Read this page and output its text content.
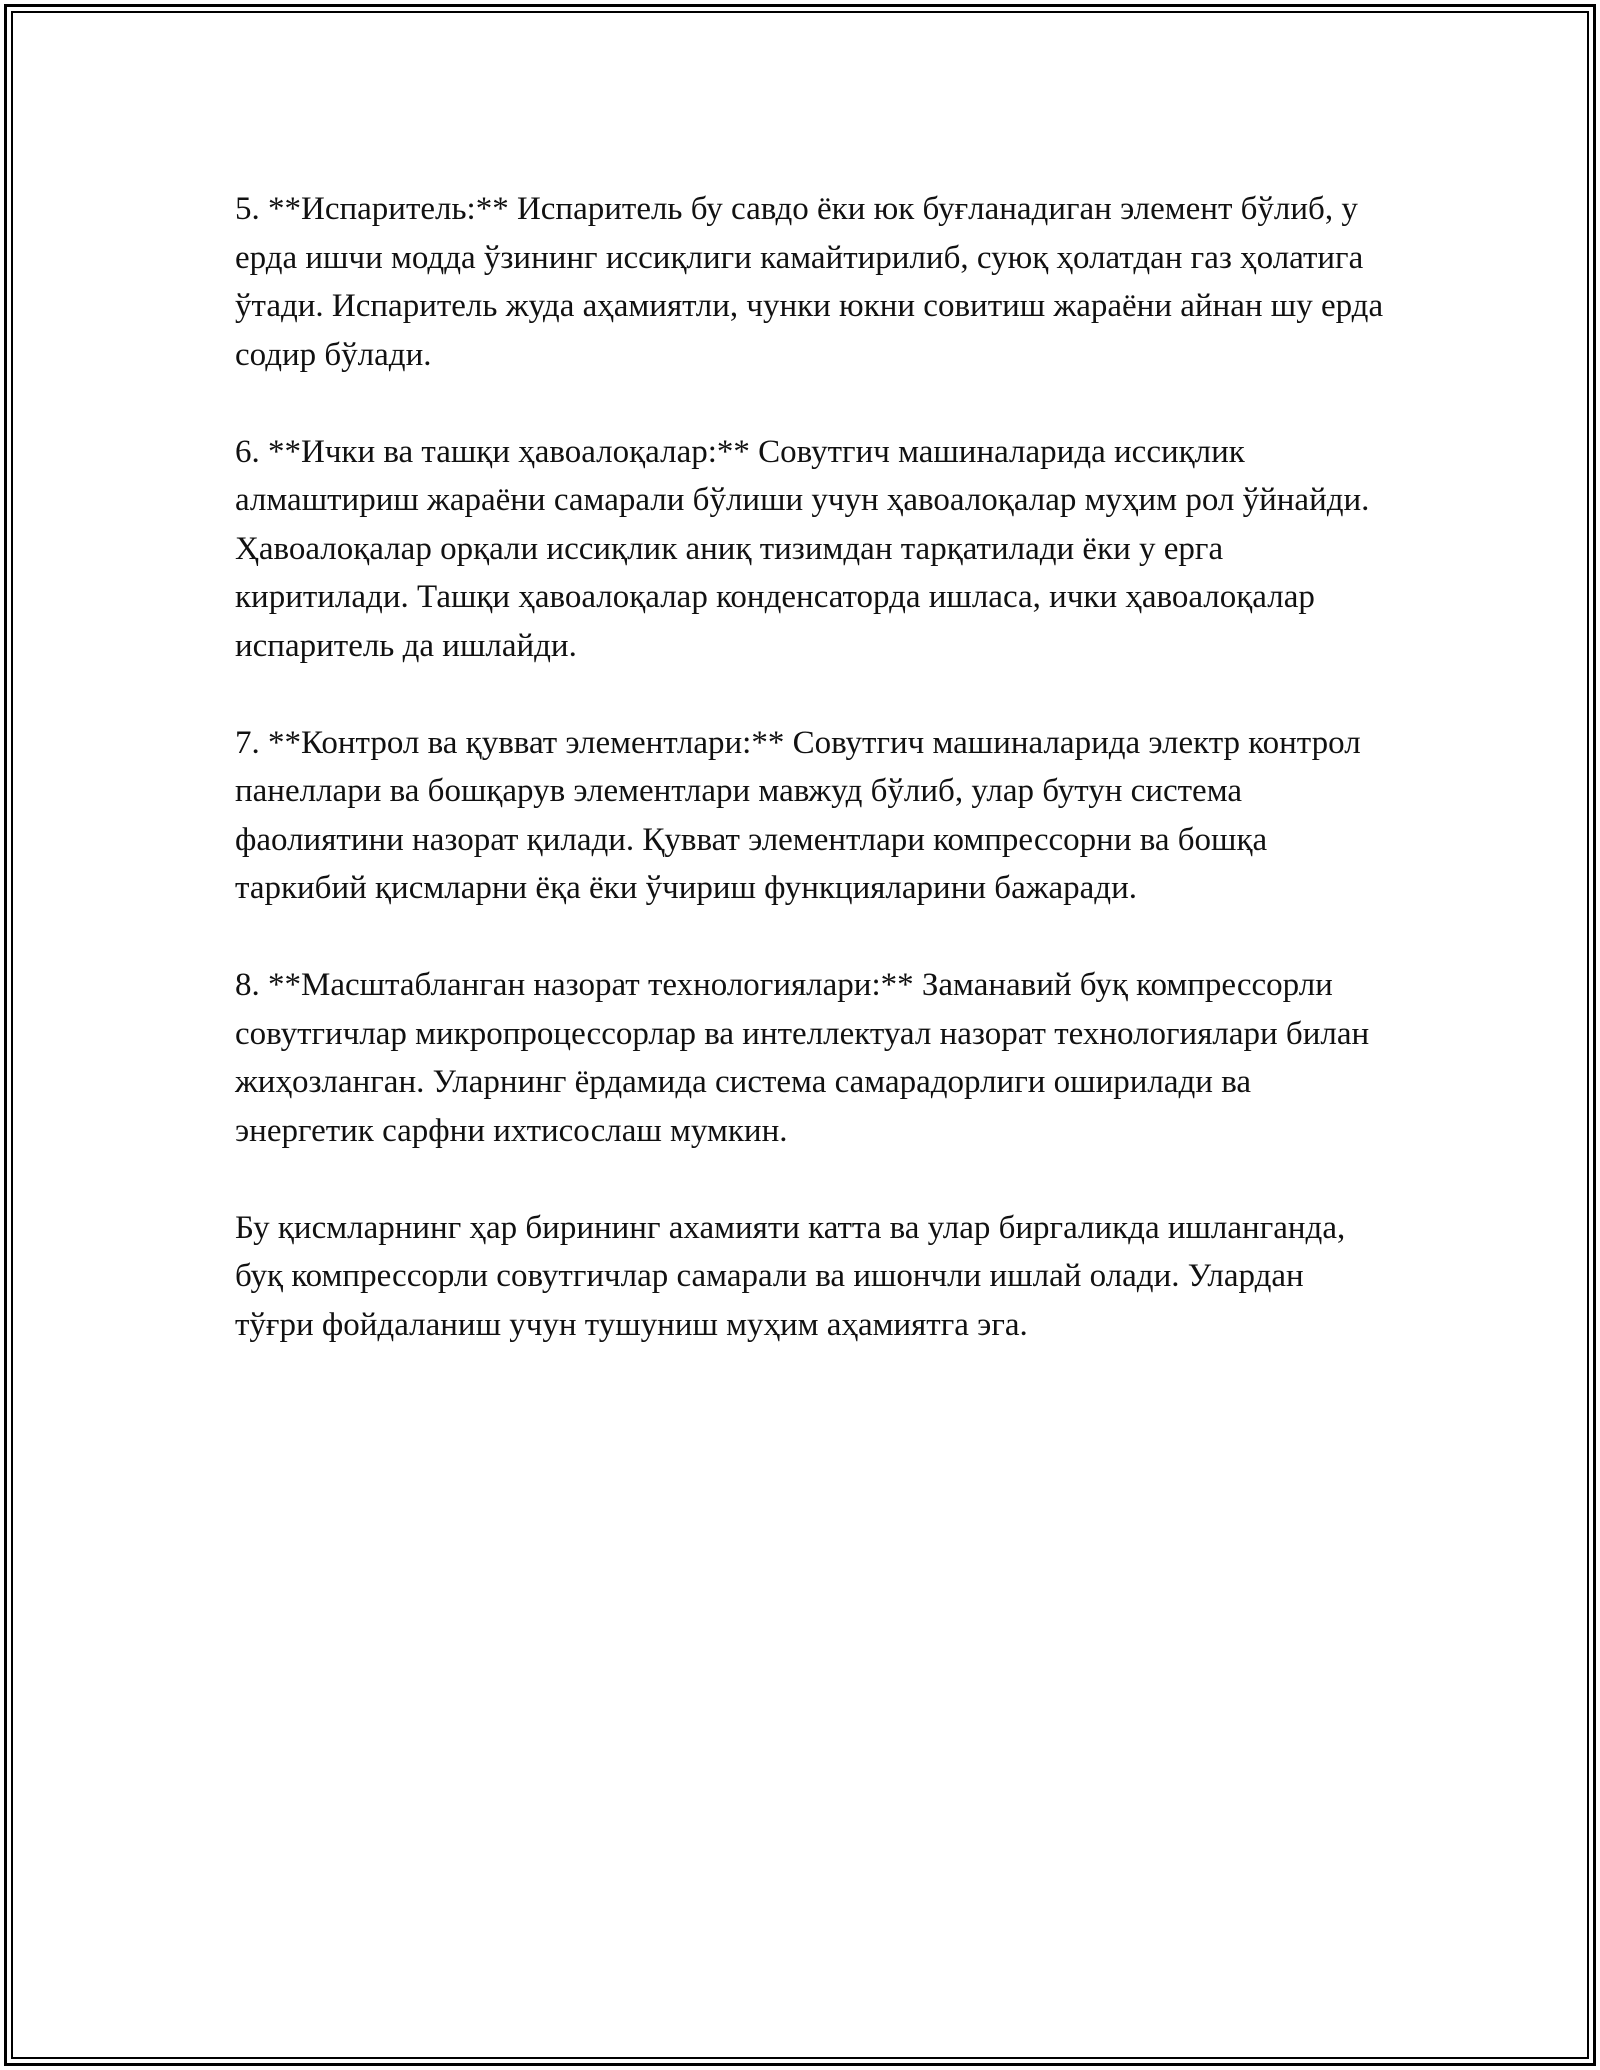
5. **Испаритель:** Испаритель бу савдо ёки юк буғланадиган элемент бўлиб, у ерда ишчи модда ўзининг иссиқлиги камайтирилиб, суюқ ҳолатдан газ ҳолатига ўтади. Испаритель жуда аҳамиятли, чунки юкни совитиш жараёни айнан шу ерда содир бўлади.

6. **Ички ва ташқи ҳавоалоқалар:** Совутгич машиналарида иссиқлик алмаштириш жараёни самарали бўлиши учун ҳавоалоқалар муҳим рол ўйнайди. Ҳавоалоқалар орқали иссиқлик аниқ тизимдан тарқатилади ёки у ерга киритилади. Ташқи ҳавоалоқалар конденсаторда ишласа, ички ҳавоалоқалар испаритель да ишлайди.

7. **Контрол ва қувват элементлари:** Совутгич машиналарида электр контрол панеллари ва бошқарув элементлари мавжуд бўлиб, улар бутун система фаолиятини назорат қилади. Қувват элементлари компрессорни ва бошқа таркибий қисмларни ёқа ёки ўчириш функцияларини бажаради.

8. **Масштабланган назорат технологиялари:** Заманавий буқ компрессорли совутгичлар микропроцессорлар ва интеллектуал назорат технологиялари билан жиҳозланган. Уларнинг ёрдамида система самарадорлиги оширилади ва энергетик сарфни ихтисослаш мумкин.

Бу қисмларнинг ҳар бирининг ахамияти катта ва улар биргаликда ишланганда, буқ компрессорли совутгичлар самарали ва ишончли ишлай олади. Улардан тўғри фойдаланиш учун тушуниш муҳим аҳамиятга эга.
